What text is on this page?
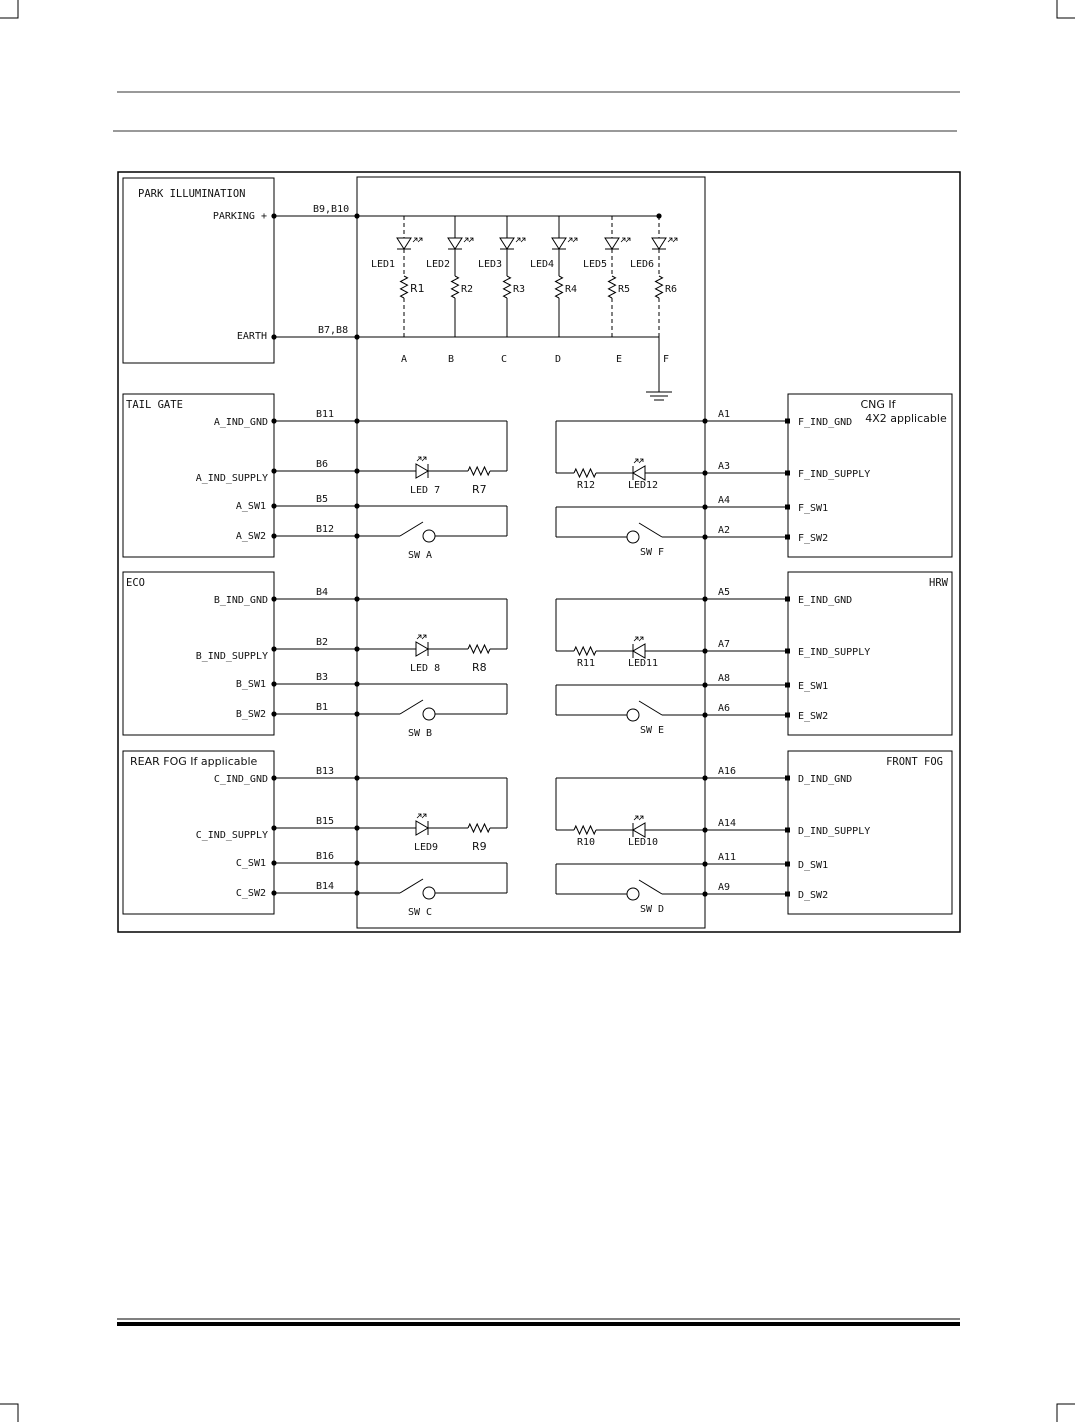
PARK ILLUMINATION
PARKING +
EARTH
B9,B10
B7,B8
LED1
R1
LED2
R2
LED3
R3
LED4
R4
LED5
R5
LED6
R6
A	B	C	D	E	F
TAIL GATE
A_IND_GND
A_IND_SUPPLY
A_SW1
A_SW2
B11
B6
B5
B12
LED 7	R7
SW A
ECO
B_IND_GND
B_IND_SUPPLY
B_SW1
B_SW2
B4
B2
B3
B1
LED 8	R8
SW B
REAR FOG If applicable
C_IND_GND
C_IND_SUPPLY
C_SW1
C_SW2
B13
B15
B16
B14
LED9	R9
SW C
CNG If
4X2 applicable
F_IND_GND
F_IND_SUPPLY
F_SW1
F_SW2
A1
A3
A4
A2
R12	LED12
SW F
HRW
E_IND_GND
E_IND_SUPPLY
E_SW1
E_SW2
A5
A7
A8
A6
R11	LED11
SW E
FRONT FOG
D_IND_GND
D_IND_SUPPLY
D_SW1
D_SW2
A16
A14
A11
A9
R10	LED10
SW D
